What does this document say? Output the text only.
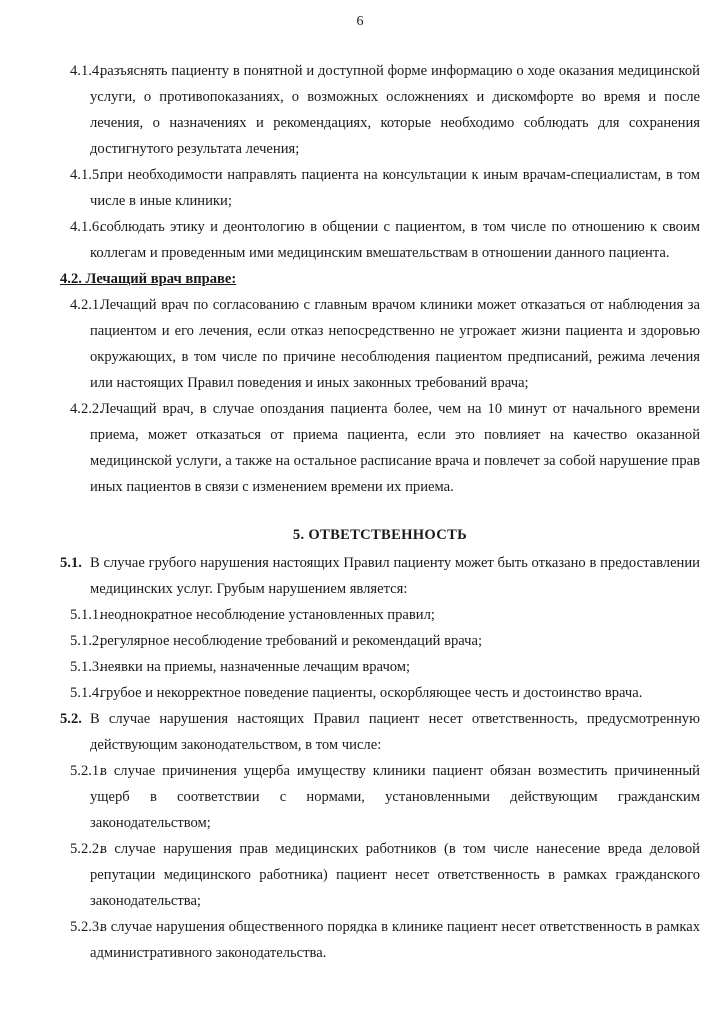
6
4.1.4.
разъяснять пациенту в понятной и доступной форме информацию о ходе оказания медицинской услуги, о противопоказаниях, о возможных осложнениях и дискомфорте во время и после лечения, о назначениях и рекомендациях, которые необходимо соблюдать для сохранения достигнутого результата лечения;
4.1.5.
при необходимости направлять пациента на консультации к иным врачам-специалистам, в том числе в иные клиники;
4.1.6.
соблюдать этику и деонтологию в общении с пациентом, в том числе по отношению к своим коллегам и проведенным ими медицинским вмешательствам в отношении данного пациента.

4.2. Лечащий врач вправе:

4.2.1.
Лечащий врач по согласованию с главным врачом клиники может отказаться от наблюдения за пациентом и его лечения, если отказ непосредственно не угрожает жизни пациента и здоровью окружающих, в том числе по причине несоблюдения пациентом предписаний, режима лечения или настоящих Правил поведения и иных законных требований врача;
4.2.2.
Лечащий врач, в случае опоздания пациента более, чем на 10 минут от начального времени приема, может отказаться от приема пациента, если это повлияет на качество оказанной медицинской услуги, а также на остальное расписание врача и повлечет за собой нарушение прав иных пациентов в связи с изменением времени их приема.

5. ОТВЕТСТВЕННОСТЬ

5.1. В случае грубого нарушения настоящих Правил пациенту может быть отказано в предоставлении медицинских услуг. Грубым нарушением является:
5.1.1.
неоднократное несоблюдение установленных правил;
5.1.2.
регулярное несоблюдение требований и рекомендаций врача;
5.1.3.
неявки на приемы, назначенные лечащим врачом;
5.1.4.
грубое и некорректное поведение пациенты, оскорбляющее честь и достоинство врача.
5.2. В случае нарушения настоящих Правил пациент несет ответственность, предусмотренную действующим законодательством, в том числе:
5.2.1.
в случае причинения ущерба имуществу клиники пациент обязан возместить причиненный ущерб в соответствии с нормами, установленными действующим гражданским законодательством;
5.2.2.
в случае нарушения прав медицинских работников (в том числе нанесение вреда деловой репутации медицинского работника) пациент несет ответственность в рамках гражданского законодательства;
5.2.3.
в случае нарушения общественного порядка в клинике пациент несет ответственность в рамках административного законодательства.
